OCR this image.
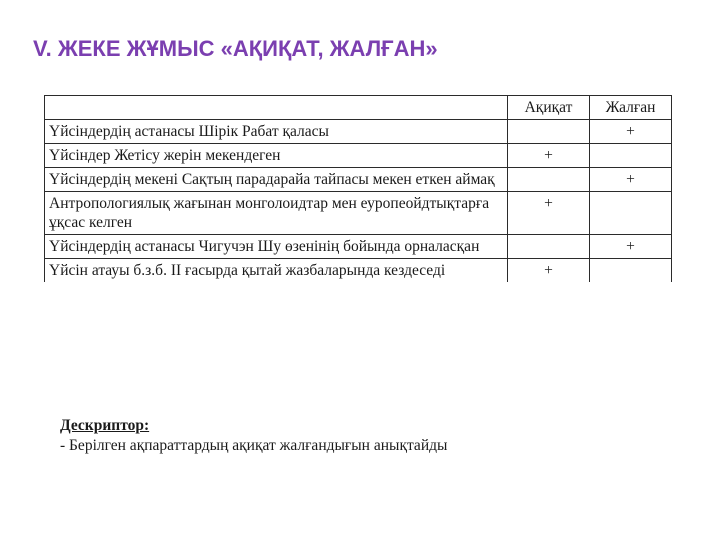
V. ЖЕКЕ ЖҰМЫС «АҚИҚАТ, ЖАЛҒАН»
	Ақиқат	Жалған
Үйсіндердің астанасы Шірік Рабат қаласы		+
Үйсіндер Жетісу жерін мекендеген	+	
Үйсіндердің мекені Сақтың парадарайа тайпасы мекен еткен аймақ		+
Антропологиялық жағынан монголоидтар мен еуропеойдтықтарға ұқсас келген	+	
Үйсіндердің астанасы Чигучэн Шу өзенінің бойында орналасқан		+
Үйсін атауы б.з.б. ІІ ғасырда қытай жазбаларында кездеседі	+	
Дескриптор:
- Берілген ақпараттардың ақиқат жалғандығын анықтайды
